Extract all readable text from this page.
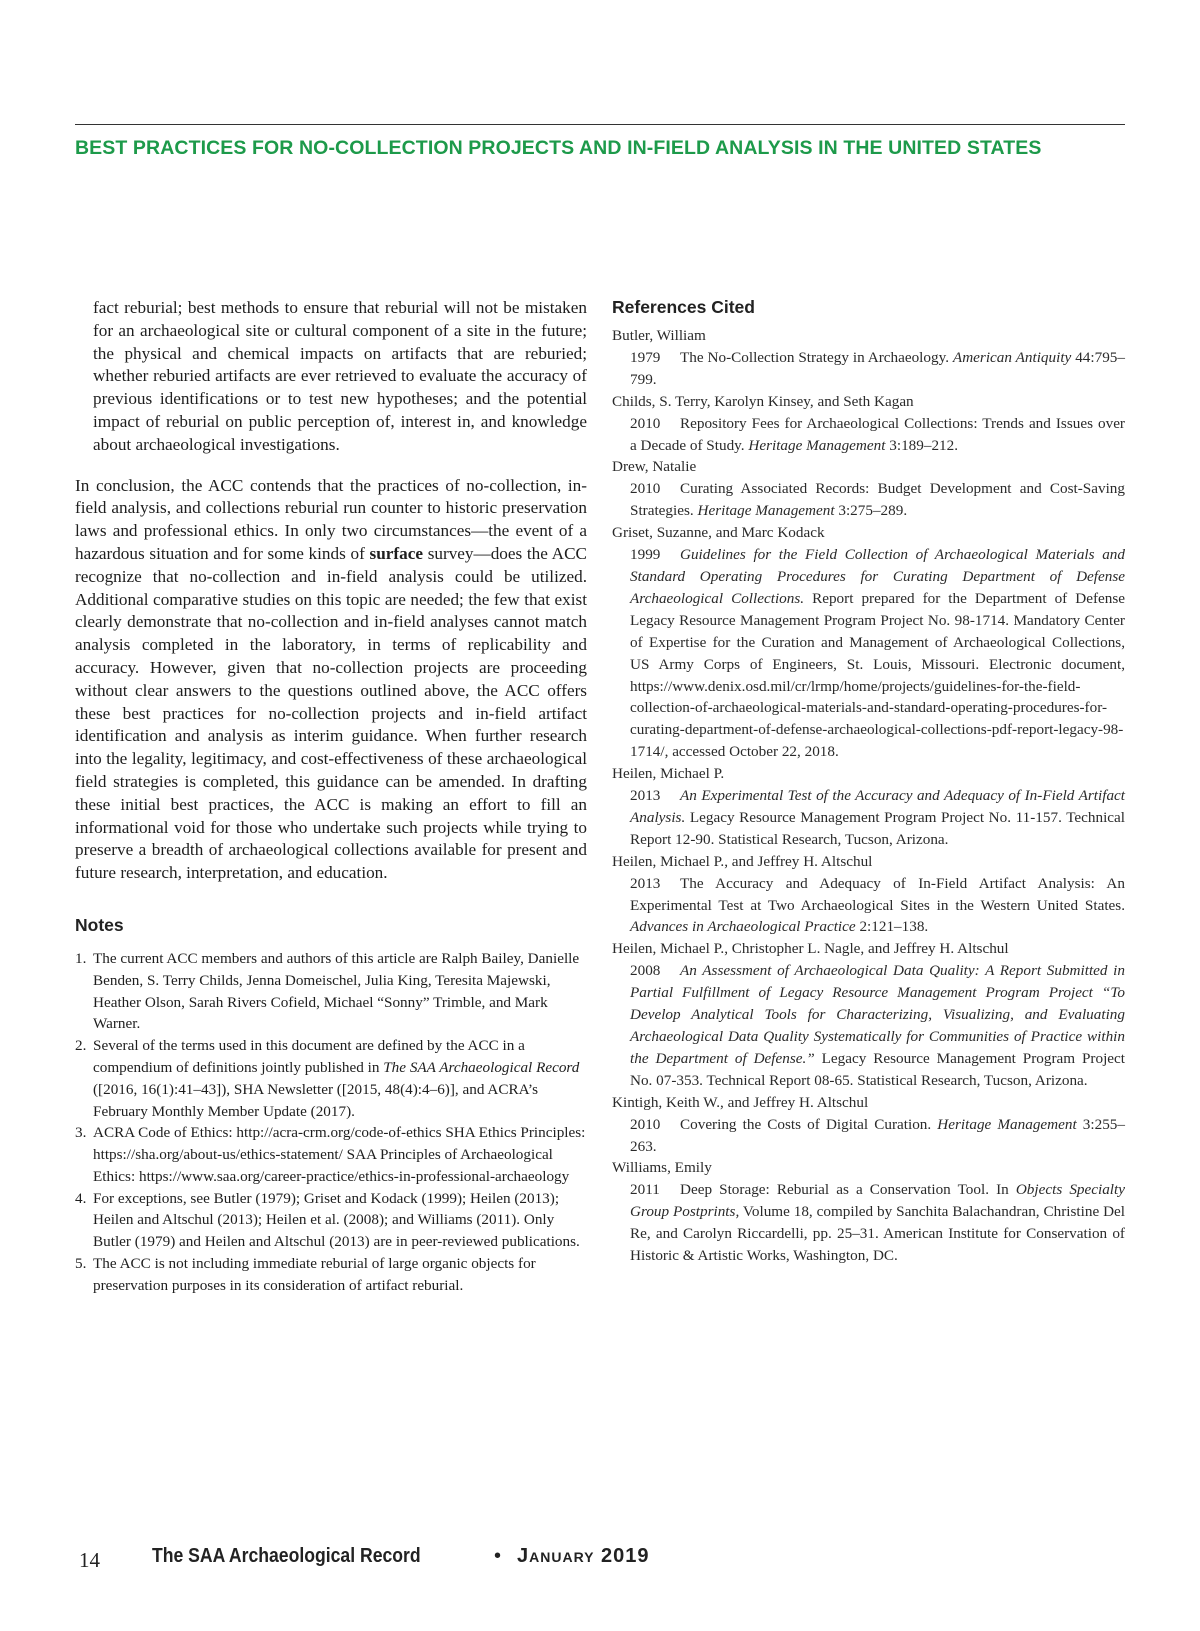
BEST PRACTICES FOR NO-COLLECTION PROJECTS AND IN-FIELD ANALYSIS IN THE UNITED STATES

fact reburial; best methods to ensure that reburial will not be mistaken for an archaeological site or cultural component of a site in the future; the physical and chemical impacts on artifacts that are reburied; whether reburied artifacts are ever retrieved to evaluate the accuracy of previous identifications or to test new hypotheses; and the potential impact of reburial on public perception of, interest in, and knowledge about archaeological investigations.

In conclusion, the ACC contends that the practices of no-collection, in-field analysis, and collections reburial run counter to historic preservation laws and professional ethics. In only two circumstances—the event of a hazardous situation and for some kinds of surface survey—does the ACC recognize that no-collection and in-field analysis could be utilized. Additional comparative studies on this topic are needed; the few that exist clearly demonstrate that no-collection and in-field analyses cannot match analysis completed in the laboratory, in terms of replicability and accuracy. However, given that no-collection projects are proceeding without clear answers to the questions outlined above, the ACC offers these best practices for no-collection projects and in-field artifact identification and analysis as interim guidance. When further research into the legality, legitimacy, and cost-effectiveness of these archaeological field strategies is completed, this guidance can be amended. In drafting these initial best practices, the ACC is making an effort to fill an informational void for those who undertake such projects while trying to preserve a breadth of archaeological collections available for present and future research, interpretation, and education.

Notes
1. The current ACC members and authors of this article are Ralph Bailey, Danielle Benden, S. Terry Childs, Jenna Domeischel, Julia King, Teresita Majewski, Heather Olson, Sarah Rivers Cofield, Michael “Sonny” Trimble, and Mark Warner.
2. Several of the terms used in this document are defined by the ACC in a compendium of definitions jointly published in The SAA Archaeological Record ([2016, 16(1):41–43]), SHA Newsletter ([2015, 48(4):4–6)], and ACRA’s February Monthly Member Update (2017).
3. ACRA Code of Ethics: http://acra-crm.org/code-of-ethics SHA Ethics Principles: https://sha.org/about-us/ethics-statement/ SAA Principles of Archaeological Ethics: https://www.saa.org/career-practice/ethics-in-professional-archaeology
4. For exceptions, see Butler (1979); Griset and Kodack (1999); Heilen (2013); Heilen and Altschul (2013); Heilen et al. (2008); and Williams (2011). Only Butler (1979) and Heilen and Altschul (2013) are in peer-reviewed publications.
5. The ACC is not including immediate reburial of large organic objects for preservation purposes in its consideration of artifact reburial.
References Cited
Butler, William
1979 The No-Collection Strategy in Archaeology. American Antiquity 44:795–799.
Childs, S. Terry, Karolyn Kinsey, and Seth Kagan
2010 Repository Fees for Archaeological Collections: Trends and Issues over a Decade of Study. Heritage Management 3:189–212.
Drew, Natalie
2010 Curating Associated Records: Budget Development and Cost-Saving Strategies. Heritage Management 3:275–289.
Griset, Suzanne, and Marc Kodack
1999 Guidelines for the Field Collection of Archaeological Materials and Standard Operating Procedures for Curating Department of Defense Archaeological Collections. Report prepared for the Department of Defense Legacy Resource Management Program Project No. 98-1714. Mandatory Center of Expertise for the Curation and Management of Archaeological Collections, US Army Corps of Engineers, St. Louis, Missouri. Electronic document, https://www.denix.osd.mil/cr/lrmp/home/projects/guidelines-for-the-field-collection-of-archaeological-materials-and-standard-operating-procedures-for-curating-department-of-defense-archaeological-collections-pdf-report-legacy-98-1714/, accessed October 22, 2018.
Heilen, Michael P.
2013 An Experimental Test of the Accuracy and Adequacy of In-Field Artifact Analysis. Legacy Resource Management Program Project No. 11-157. Technical Report 12-90. Statistical Research, Tucson, Arizona.
Heilen, Michael P., and Jeffrey H. Altschul
2013 The Accuracy and Adequacy of In-Field Artifact Analysis: An Experimental Test at Two Archaeological Sites in the Western United States. Advances in Archaeological Practice 2:121–138.
Heilen, Michael P., Christopher L. Nagle, and Jeffrey H. Altschul
2008 An Assessment of Archaeological Data Quality: A Report Submitted in Partial Fulfillment of Legacy Resource Management Program Project “To Develop Analytical Tools for Characterizing, Visualizing, and Evaluating Archaeological Data Quality Systematically for Communities of Practice within the Department of Defense.” Legacy Resource Management Program Project No. 07-353. Technical Report 08-65. Statistical Research, Tucson, Arizona.
Kintigh, Keith W., and Jeffrey H. Altschul
2010 Covering the Costs of Digital Curation. Heritage Management 3:255–263.
Williams, Emily
2011 Deep Storage: Reburial as a Conservation Tool. In Objects Specialty Group Postprints, Volume 18, compiled by Sanchita Balachandran, Christine Del Re, and Carolyn Riccardelli, pp. 25–31. American Institute for Conservation of Historic & Artistic Works, Washington, DC.
14	The SAA Archaeological Record	• January 2019
